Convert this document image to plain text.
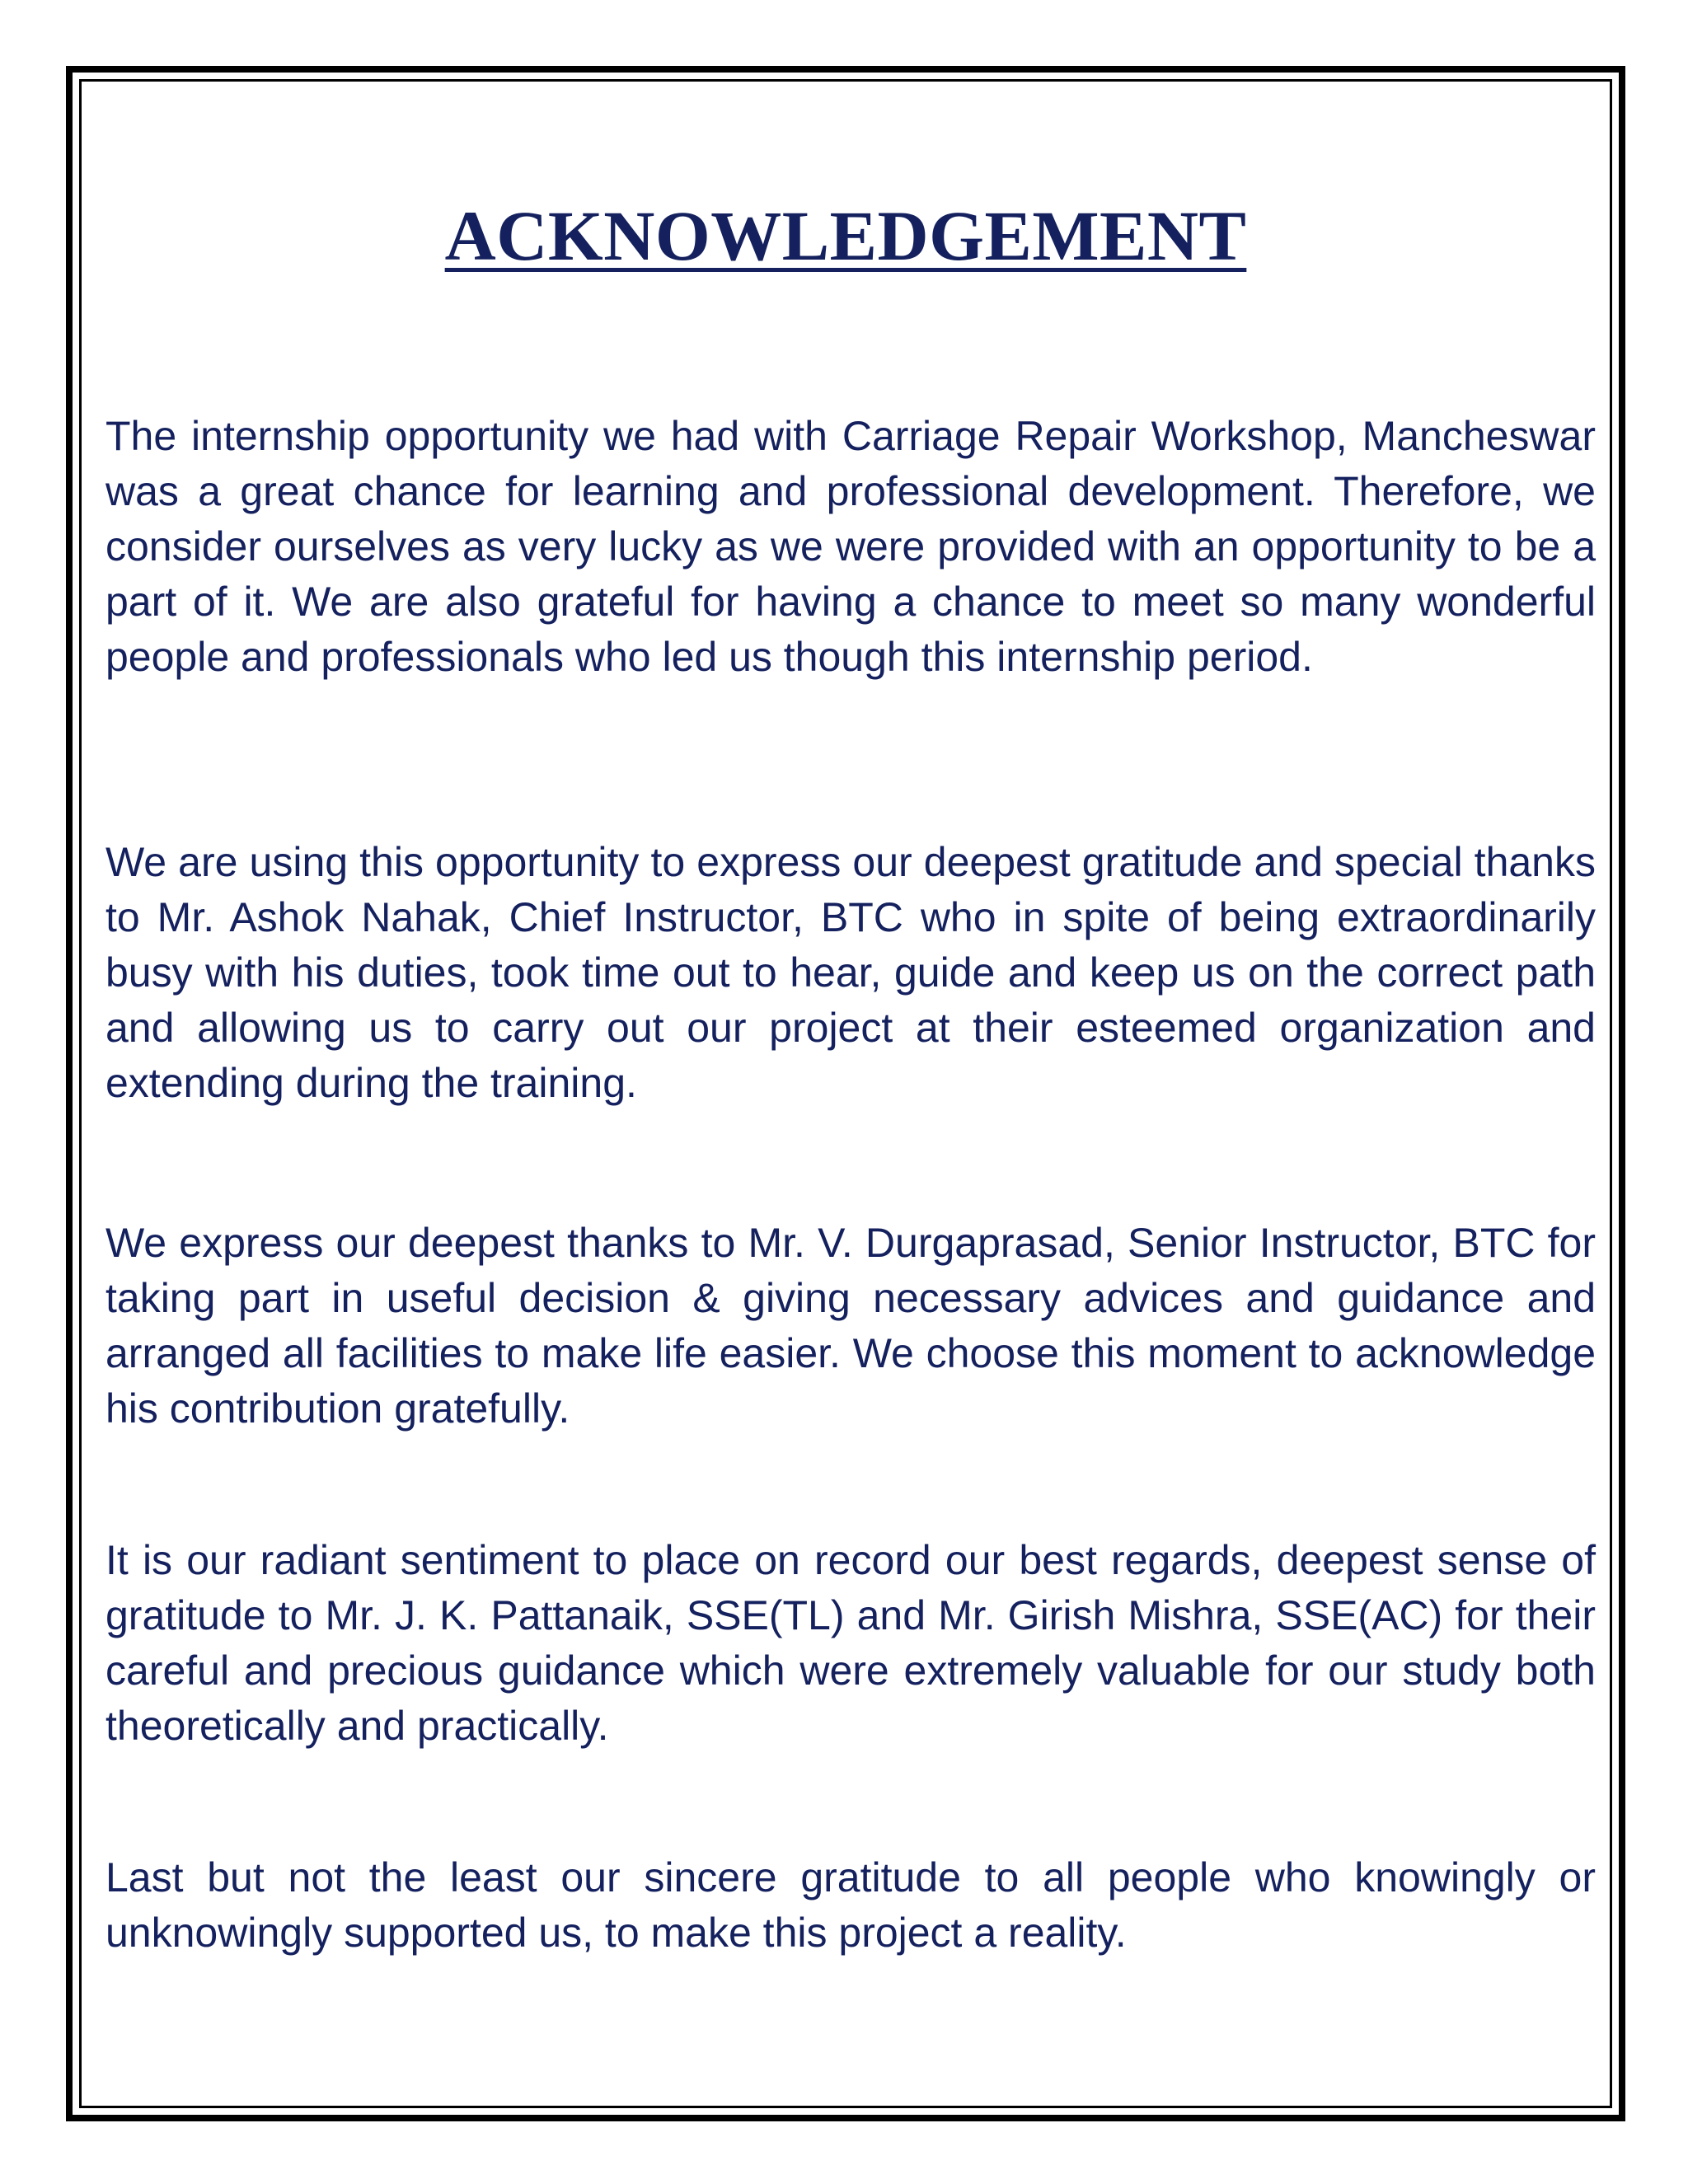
ACKNOWLEDGEMENT

The internship opportunity we had with Carriage Repair Workshop, Mancheswar was a great chance for learning and professional development. Therefore, we consider ourselves as very lucky as we were provided with an opportunity to be a part of it. We are also grateful for having a chance to meet so many wonderful people and professionals who led us though this internship period.

We are using this opportunity to express our deepest gratitude and special thanks to Mr. Ashok Nahak, Chief Instructor, BTC who in spite of being extraordinarily busy with his duties, took time out to hear, guide and keep us on the correct path and allowing us to carry out our project at their esteemed organization and extending during the training.

We express our deepest thanks to Mr. V. Durgaprasad, Senior Instructor, BTC for taking part in useful decision & giving necessary advices and guidance and arranged all facilities to make life easier. We choose this moment to acknowledge his contribution gratefully.

It is our radiant sentiment to place on record our best regards, deepest sense of gratitude to Mr. J. K. Pattanaik, SSE(TL) and Mr. Girish Mishra, SSE(AC) for their careful and precious guidance which were extremely valuable for our study both theoretically and practically.

Last but not the least our sincere gratitude to all people who knowingly or unknowingly supported us, to make this project a reality.
